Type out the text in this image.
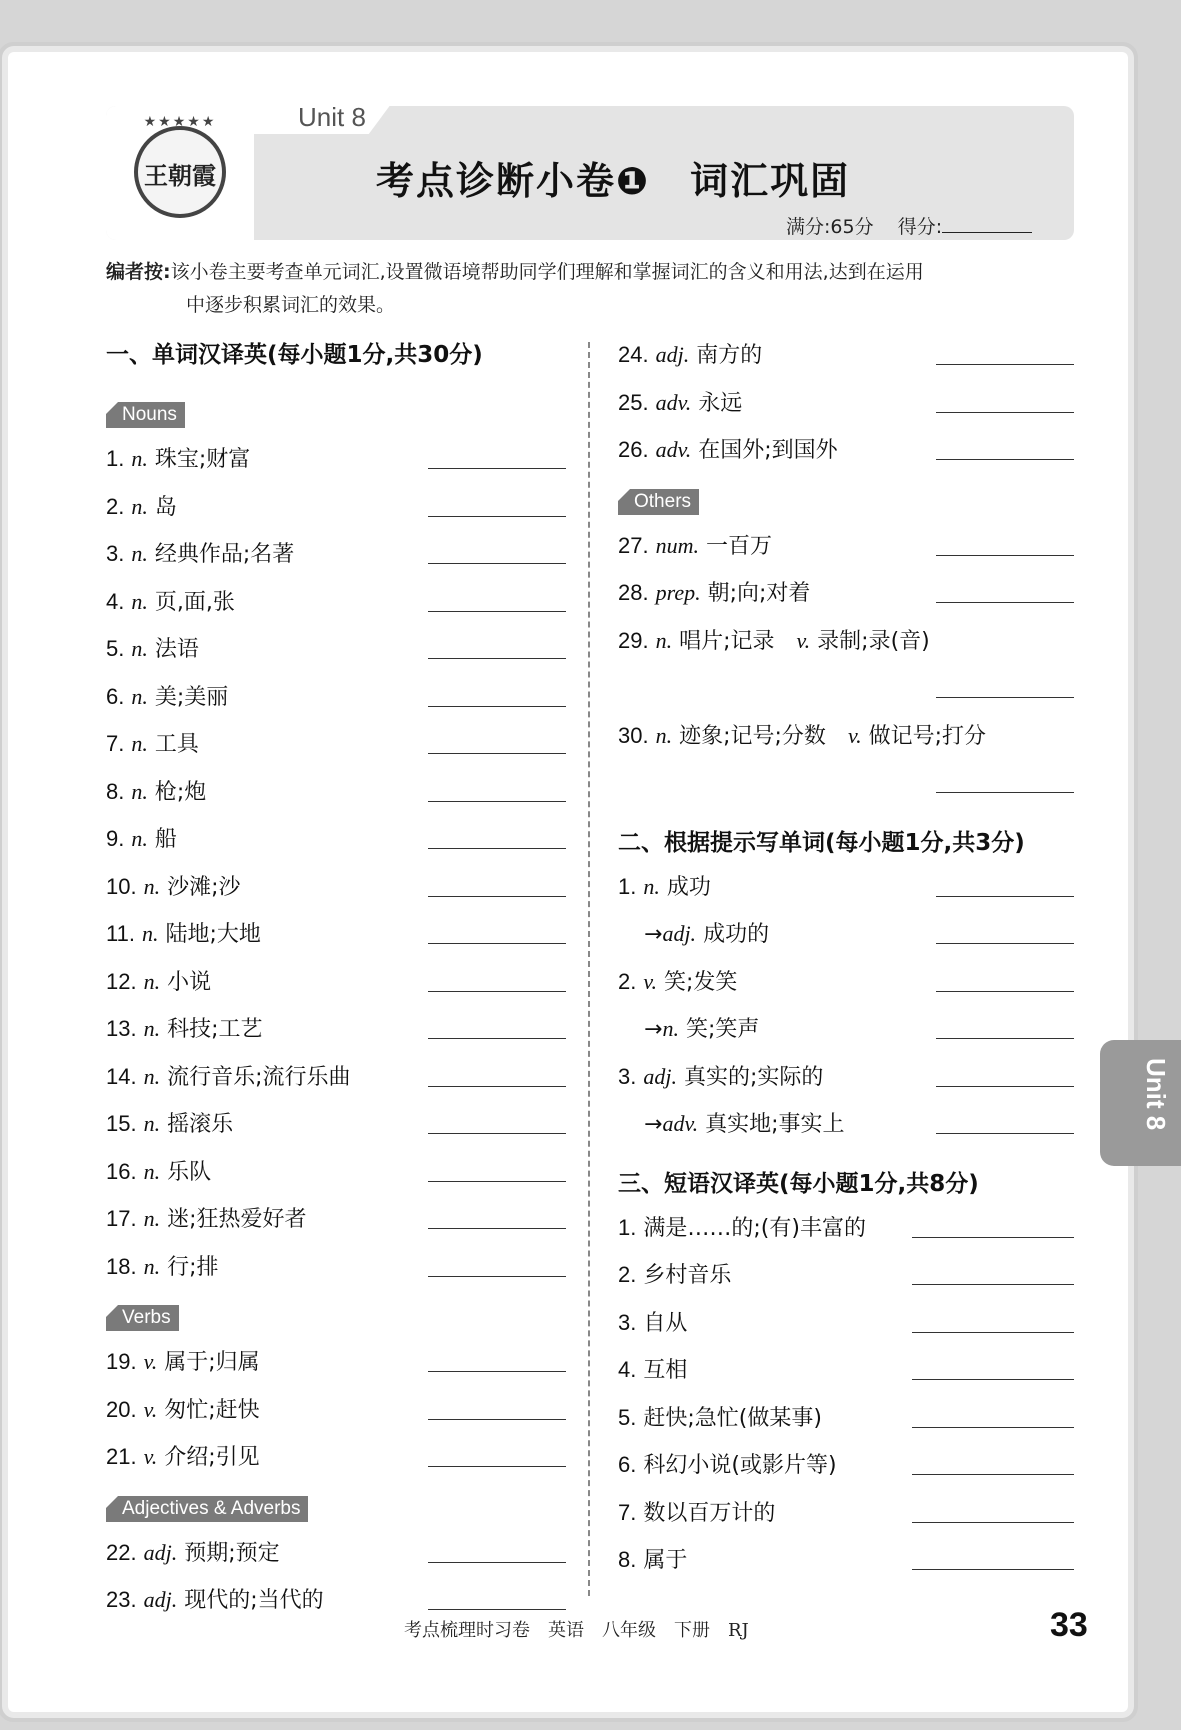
★★★★★
王朝霞
Unit 8
考点诊断小卷❶　词汇巩固
满分:65分 得分:
编者按:该小卷主要考查单元词汇,设置微语境帮助同学们理解和掌握词汇的含义和用法,达到在运用
中逐步积累词汇的效果。
一、单词汉译英(每小题1分,共30分)
Nouns
1. n. 珠宝;财富
2. n. 岛
3. n. 经典作品;名著
4. n. 页,面,张
5. n. 法语
6. n. 美;美丽
7. n. 工具
8. n. 枪;炮
9. n. 船
10. n. 沙滩;沙
11. n. 陆地;大地
12. n. 小说
13. n. 科技;工艺
14. n. 流行音乐;流行乐曲
15. n. 摇滚乐
16. n. 乐队
17. n. 迷;狂热爱好者
18. n. 行;排
Verbs
19. v. 属于;归属
20. v. 匆忙;赶快
21. v. 介绍;引见
Adjectives & Adverbs
22. adj. 预期;预定
23. adj. 现代的;当代的
24. adj. 南方的
25. adv. 永远
26. adv. 在国外;到国外
Others
27. num. 一百万
28. prep. 朝;向;对着
29. n. 唱片;记录　 v. 录制;录(音)
30. n. 迹象;记号;分数　 v. 做记号;打分
二、根据提示写单词(每小题1分,共3分)
1. n. 成功
→adj. 成功的
2. v. 笑;发笑
→n. 笑;笑声
3. adj. 真实的;实际的
→adv. 真实地;事实上
三、短语汉译英(每小题1分,共8分)
1. 满是……的;(有)丰富的
2. 乡村音乐
3. 自从
4. 互相
5. 赶快;急忙(做某事)
6. 科幻小说(或影片等)
7. 数以百万计的
8. 属于
Unit 8
考点梳理时习卷　英语　八年级　下册　RJ	33
